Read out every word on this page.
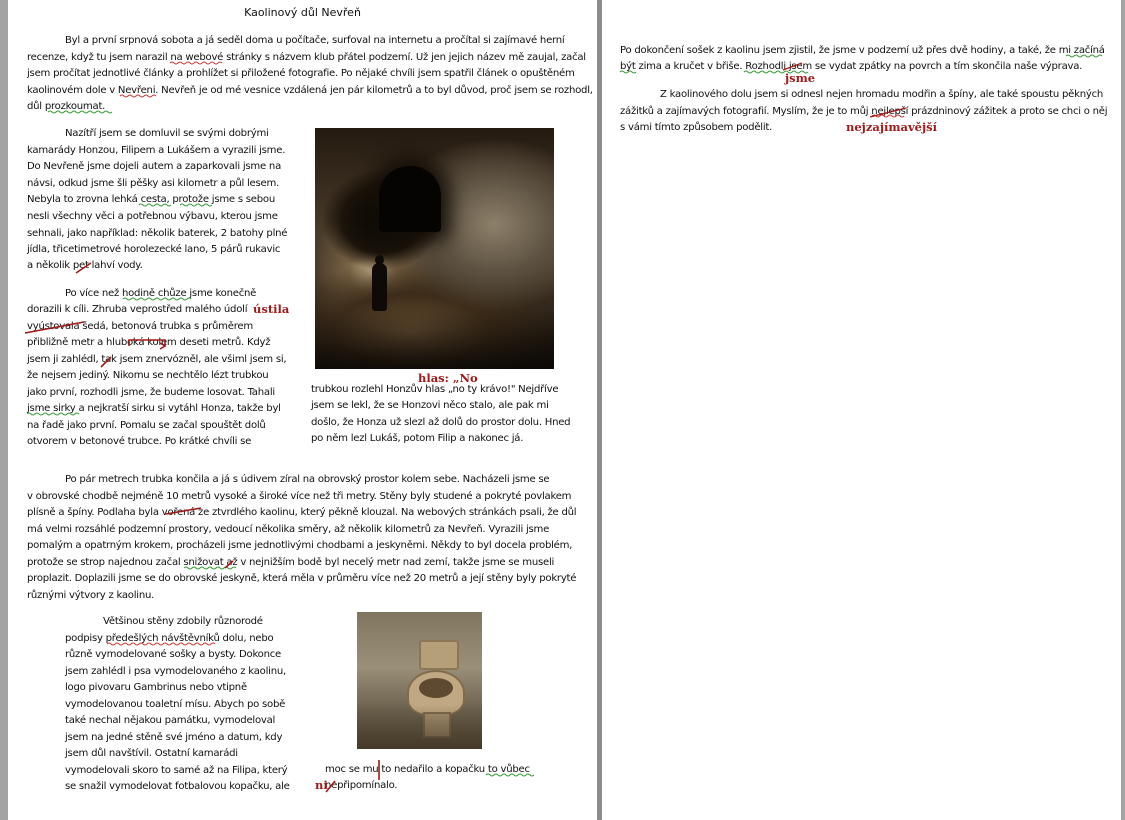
Kaolinový důl Nevřeň
Byl a první srpnová sobota a já seděl doma u počítače, surfoval na internetu a pročítal si zajímavé herní
recenze, když tu jsem narazil na webové stránky s názvem klub přátel podzemí. Už jen jejich název mě zaujal, začal
jsem pročítat jednotlivé články a prohlížet si přiložené fotografie. Po nějaké chvíli jsem spatřil článek o opuštěném
kaolinovém dole v Nevřeni. Nevřeň je od mé vesnice vzdálená jen pár kilometrů a to byl důvod, proč jsem se rozhodl,
důl prozkoumat.
Nazítří jsem se domluvil se svými dobrými
kamarády Honzou, Filipem a Lukášem a vyrazili jsme.
Do Nevřeně jsme dojeli autem a zaparkovali jsme na
návsi, odkud jsme šli pěšky asi kilometr a půl lesem.
Nebyla to zrovna lehká cesta, protože jsme s sebou
nesli všechny věci a potřebnou výbavu, kterou jsme
sehnali, jako například: několik baterek, 2 batohy plné
jídla, třicetimetrové horolezecké lano, 5 párů rukavic
a několik pet lahví vody.
Po více než hodině chůze jsme konečně
dorazili k cíli. Zhruba veprostřed malého údolí
vyústovala šedá, betonová trubka s průměrem
přibližně metr a hluboká kolem deseti metrů. Když
jsem ji zahlédl, tak jsem znervózněl, ale všiml jsem si,
že nejsem jediný. Nikomu se nechtělo lézt trubkou
jako první, rozhodli jsme, že budeme losovat. Tahali
jsme sirky a nejkratší sirku si vytáhl Honza, takže byl
na řadě jako první. Pomalu se začal spouštět dolů
otvorem v betonové trubce. Po krátké chvíli se
trubkou rozlehl Honzův hlas „no ty krávo!" Nejdříve
jsem se lekl, že se Honzovi něco stalo, ale pak mi
došlo, že Honza už slezl až dolů do prostor dolu. Hned
po něm lezl Lukáš, potom Filip a nakonec já.
Po pár metrech trubka končila a já s údivem zíral na obrovský prostor kolem sebe. Nacházeli jsme se
v obrovské chodbě nejméně 10 metrů vysoké a široké více než tři metry. Stěny byly studené a pokryté povlakem
plísně a špíny. Podlaha byla vořená ze ztvrdlého kaolinu, který pěkně klouzal. Na webových stránkách psali, že důl
má velmi rozsáhlé podzemní prostory, vedoucí několika směry, až několik kilometrů za Nevřeň. Vyrazili jsme
pomalým a opatrným krokem, procházeli jsme jednotlivými chodbami a jeskyněmi. Někdy to byl docela problém,
protože se strop najednou začal snižovat až v nejnižším bodě byl necelý metr nad zemí, takže jsme se museli
proplazit. Doplazili jsme se do obrovské jeskyně, která měla v průměru více než 20 metrů a její stěny byly pokryté
různými výtvory z kaolinu.
Většinou stěny zdobily různorodé
podpisy předešlých návštěvníků dolu, nebo
různě vymodelované sošky a bysty. Dokonce
jsem zahlédl i psa vymodelovaného z kaolinu,
logo pivovaru Gambrinus nebo vtipně
vymodelovanou toaletní mísu. Abych po sobě
také nechal nějakou památku, vymodeloval
jsem na jedné stěně své jméno a datum, kdy
jsem důl navštívil. Ostatní kamarádi
vymodelovali skoro to samé až na Filipa, který
se snažil vymodelovat fotbalovou kopačku, ale
moc se mu to nedařilo a kopačku to vůbec
nepřipomínalo.
ústila
hlas: „No
ni
Po dokončení sošek z kaolinu jsem zjistil, že jsme v podzemí už přes dvě hodiny, a také, že mi začíná
být zima a kručet v břiše. Rozhodli jsem se vydat zpátky na povrch a tím skončila naše výprava.
jsme
Z kaolinového dolu jsem si odnesl nejen hromadu modřin a špíny, ale také spoustu pěkných
zážitků a zajímavých fotografií. Myslím, že je to můj nejlepší prázdninový zážitek a proto se chci o něj
s vámi tímto způsobem podělit.	nejzajímavější
